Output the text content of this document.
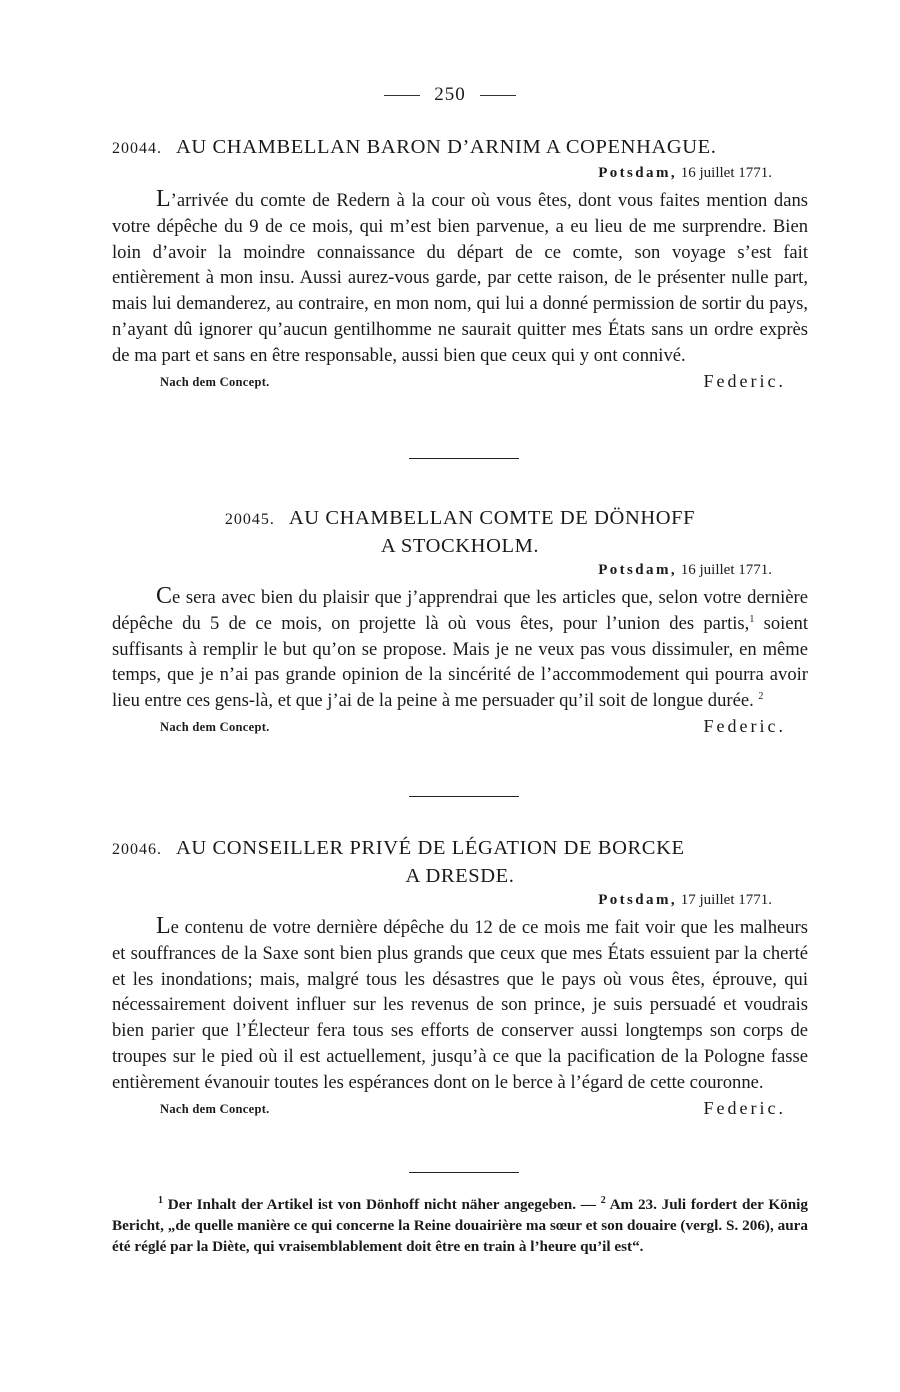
250
20044. AU CHAMBELLAN BARON D’ARNIM A COPENHAGUE.
Potsdam, 16 juillet 1771.

L’arrivée du comte de Redern à la cour où vous êtes, dont vous faites mention dans votre dépêche du 9 de ce mois, qui m’est bien parvenue, a eu lieu de me surprendre. Bien loin d’avoir la moindre connaissance du départ de ce comte, son voyage s’est fait entièrement à mon insu. Aussi aurez-vous garde, par cette raison, de le présenter nulle part, mais lui demanderez, au contraire, en mon nom, qui lui a donné permission de sortir du pays, n’ayant dû ignorer qu’aucun gentilhomme ne saurait quitter mes États sans un ordre exprès de ma part et sans en être responsable, aussi bien que ceux qui y ont connivé.

Nach dem Concept.	Federic.
20045. AU CHAMBELLAN COMTE DE DÖNHOFF
A STOCKHOLM.
Potsdam, 16 juillet 1771.

Ce sera avec bien du plaisir que j’apprendrai que les articles que, selon votre dernière dépêche du 5 de ce mois, on projette là où vous êtes, pour l’union des partis,$^1$ soient suffisants à remplir le but qu’on se propose. Mais je ne veux pas vous dissimuler, en même temps, que je n’ai pas grande opinion de la sincérité de l’accommodement qui pourra avoir lieu entre ces gens-là, et que j’ai de la peine à me persuader qu’il soit de longue durée. $^2$

Nach dem Concept.	Federic.
20046. AU CONSEILLER PRIVÉ DE LÉGATION DE BORCKE
A DRESDE.
Potsdam, 17 juillet 1771.

Le contenu de votre dernière dépêche du 12 de ce mois me fait voir que les malheurs et souffrances de la Saxe sont bien plus grands que ceux que mes États essuient par la cherté et les inondations; mais, malgré tous les désastres que le pays où vous êtes, éprouve, qui nécessairement doivent influer sur les revenus de son prince, je suis persuadé et voudrais bien parier que l’Électeur fera tous ses efforts de conserver aussi longtemps son corps de troupes sur le pied où il est actuellement, jusqu’à ce que la pacification de la Pologne fasse entièrement évanouir toutes les espérances dont on le berce à l’égard de cette couronne.

Nach dem Concept.	Federic.

$^1$ Der Inhalt der Artikel ist von Dönhoff nicht näher angegeben. — $^2$ Am 23. Juli fordert der König Bericht, „de quelle manière ce qui concerne la Reine douairière ma sœur et son douaire (vergl. S. 206), aura été réglé par la Diète, qui vraisemblablement doit être en train à l’heure qu’il est“.
